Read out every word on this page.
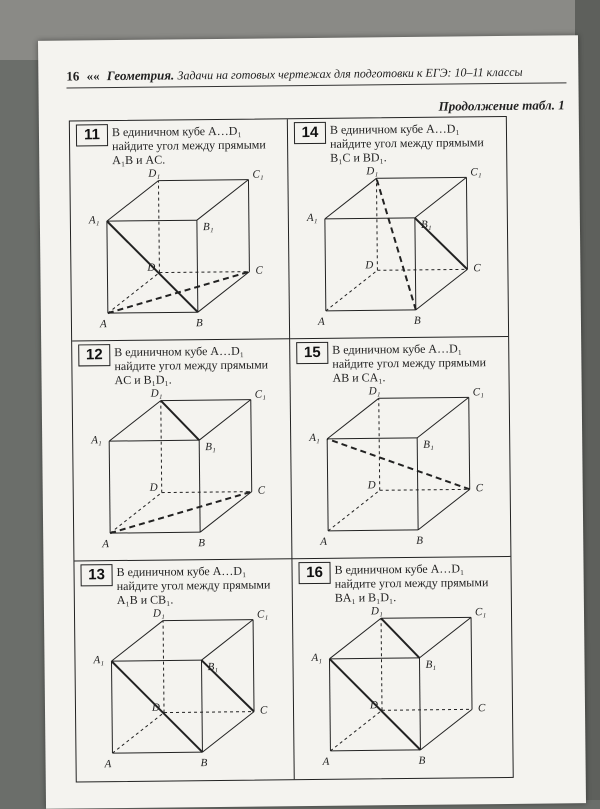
16 «« Геометрия. Задачи на готовых чертежах для подготовки к ЕГЭ: 10–11 классы
Продолжение табл. 1
11 В единичном кубе A…D₁ найдите угол между прямыми A₁B и AC.
A	B
C
D
A₁
B₁
C₁
D₁
14 В единичном кубе A…D₁ найдите угол между прямыми B₁C и BD₁.
A	B
C
D
A₁
B₁
C₁
D₁
12 В единичном кубе A…D₁ найдите угол между прямыми AC и B₁D₁.
A	B
C
D
A₁
B₁
C₁
D₁
15 В единичном кубе A…D₁ найдите угол между прямыми AB и CA₁.
A	B
C
D
A₁
B₁
C₁
D₁
13 В единичном кубе A…D₁ найдите угол между прямыми A₁B и CB₁.
A	B
C
D
A₁
B₁
C₁
D₁
16 В единичном кубе A…D₁ найдите угол между прямыми BA₁ и B₁D₁.
A	B
C
D
A₁
B₁
C₁
D₁
